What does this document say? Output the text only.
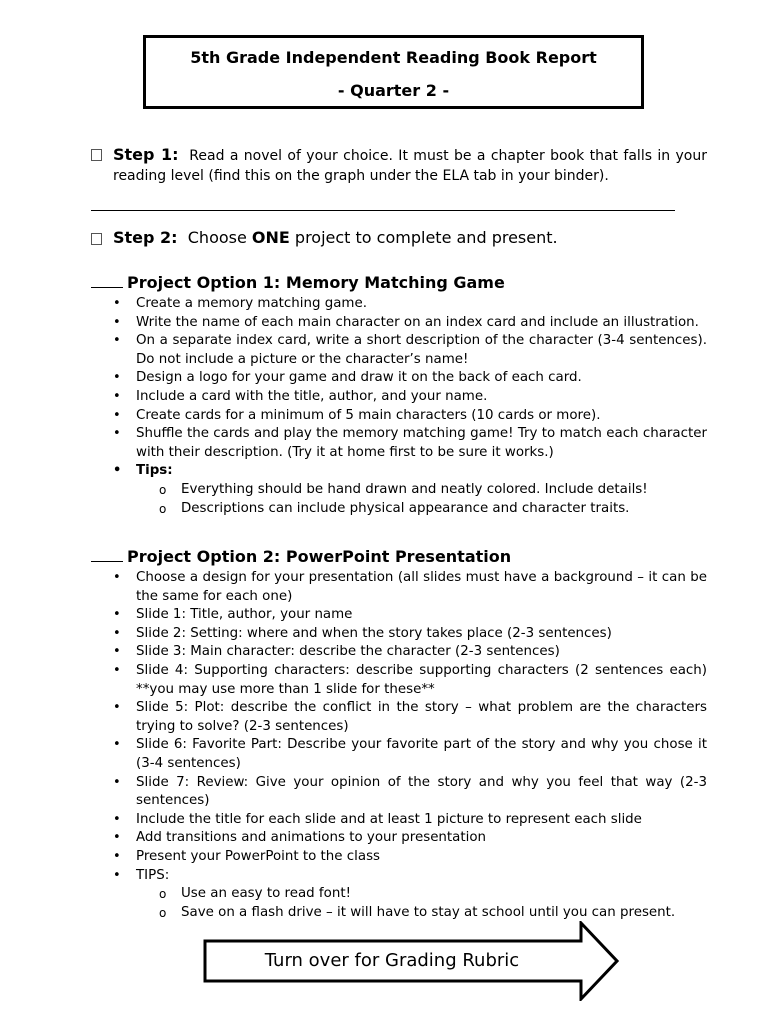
5th Grade Independent Reading Book Report
- Quarter 2 -
Step 1: Read a novel of your choice. It must be a chapter book that falls in your reading level (find this on the graph under the ELA tab in your binder).
Step 2: Choose ONE project to complete and present.
Project Option 1: Memory Matching Game
• Create a memory matching game.
• Write the name of each main character on an index card and include an illustration.
• On a separate index card, write a short description of the character (3-4 sentences). Do not include a picture or the character’s name!
• Design a logo for your game and draw it on the back of each card.
• Include a card with the title, author, and your name.
• Create cards for a minimum of 5 main characters (10 cards or more).
• Shuffle the cards and play the memory matching game! Try to match each character with their description. (Try it at home first to be sure it works.)
• Tips:
o Everything should be hand drawn and neatly colored. Include details!
o Descriptions can include physical appearance and character traits.
Project Option 2: PowerPoint Presentation
• Choose a design for your presentation (all slides must have a background – it can be the same for each one)
• Slide 1: Title, author, your name
• Slide 2: Setting: where and when the story takes place (2-3 sentences)
• Slide 3: Main character: describe the character (2-3 sentences)
• Slide 4: Supporting characters: describe supporting characters (2 sentences each) **you may use more than 1 slide for these**
• Slide 5: Plot: describe the conflict in the story – what problem are the characters trying to solve? (2-3 sentences)
• Slide 6: Favorite Part: Describe your favorite part of the story and why you chose it (3-4 sentences)
• Slide 7: Review: Give your opinion of the story and why you feel that way (2-3 sentences)
• Include the title for each slide and at least 1 picture to represent each slide
• Add transitions and animations to your presentation
• Present your PowerPoint to the class
• TIPS:
o Use an easy to read font!
o Save on a flash drive – it will have to stay at school until you can present.
Turn over for Grading Rubric
